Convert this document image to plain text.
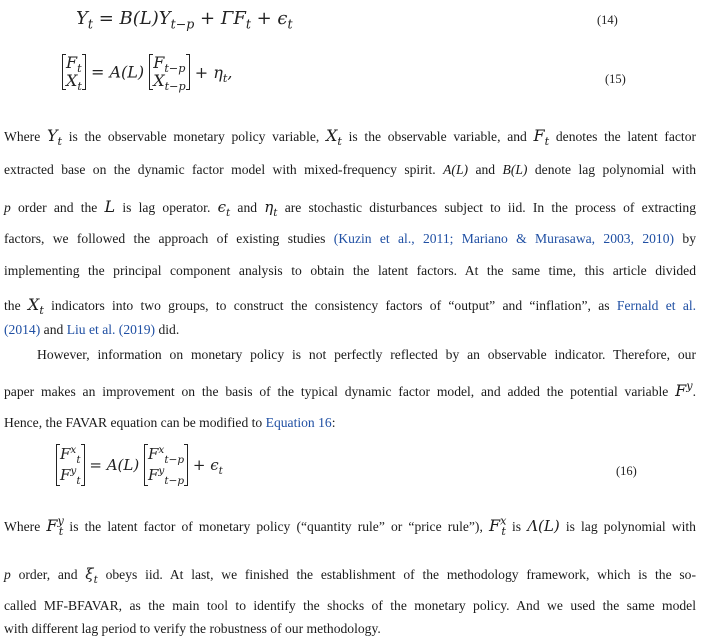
$Y_t = B(L)Y_{t-p} + \Gamma F_t + \epsilon_t$	(14)
$F_t$
$X_t$
= A(L) $F_{t-p}$
$X_{t-p}$
+ $\eta_t$,	(15)
Where $Y_t$ is the observable monetary policy variable, $X_t$ is the observable variable, and $F_t$ denotes the latent factor
extracted base on the dynamic factor model with mixed-frequency spirit. A(L) and B(L) denote lag polynomial with
p order and the L is lag operator. $\epsilon_t$ and $\eta_t$ are stochastic disturbances subject to iid. In the process of extracting
factors, we followed the approach of existing studies (Kuzin et al., 2011; Mariano & Murasawa, 2003, 2010) by
implementing the principal component analysis to obtain the latent factors. At the same time, this article divided
the $X_t$ indicators into two groups, to construct the consistency factors of “output” and “inflation”, as Fernald et al.
(2014) and Liu et al. (2019) did.
However, information on monetary policy is not perfectly reflected by an observable indicator. Therefore, our
paper makes an improvement on the basis of the typical dynamic factor model, and added the potential variable $F^y$.
Hence, the FAVAR equation can be modified to Equation 16:
$F^x_t$
$F^y_t$
= A(L)
$F^x_{t-p}$
$F^y_{t-p}$
+ $\epsilon_t$	(16)
Where $F^y_t$ is the latent factor of monetary policy (“quantity rule” or “price rule”), $F^x_t$ is Λ(L) is lag polynomial with
p order, and $\xi_t$ obeys iid. At last, we finished the establishment of the methodology framework, which is the so-
called MF-BFAVAR, as the main tool to identify the shocks of the monetary policy. And we used the same model
with different lag period to verify the robustness of our methodology.
